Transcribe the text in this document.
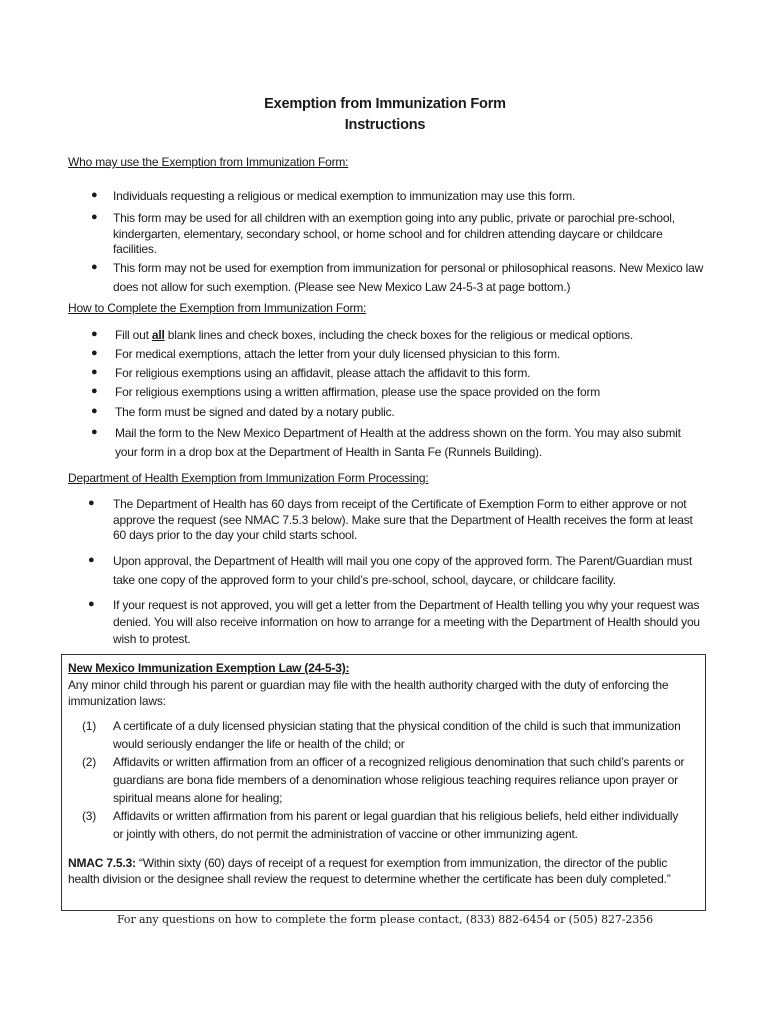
Exemption from Immunization Form
Instructions
Who may use the Exemption from Immunization Form:
● Individuals requesting a religious or medical exemption to immunization may use this form.
● This form may be used for all children with an exemption going into any public, private or parochial pre-school, kindergarten, elementary, secondary school, or home school and for children attending daycare or childcare facilities.
● This form may not be used for exemption from immunization for personal or philosophical reasons. New Mexico law does not allow for such exemption. (Please see New Mexico Law 24-5-3 at page bottom.)
How to Complete the Exemption from Immunization Form:
● Fill out all blank lines and check boxes, including the check boxes for the religious or medical options.
● For medical exemptions, attach the letter from your duly licensed physician to this form.
● For religious exemptions using an affidavit, please attach the affidavit to this form.
● For religious exemptions using a written affirmation, please use the space provided on the form
● The form must be signed and dated by a notary public.
● Mail the form to the New Mexico Department of Health at the address shown on the form. You may also submit your form in a drop box at the Department of Health in Santa Fe (Runnels Building).
Department of Health Exemption from Immunization Form Processing:
● The Department of Health has 60 days from receipt of the Certificate of Exemption Form to either approve or not approve the request (see NMAC 7.5.3 below). Make sure that the Department of Health receives the form at least 60 days prior to the day your child starts school.
● Upon approval, the Department of Health will mail you one copy of the approved form. The Parent/Guardian must take one copy of the approved form to your child’s pre-school, school, daycare, or childcare facility.
● If your request is not approved, you will get a letter from the Department of Health telling you why your request was denied. You will also receive information on how to arrange for a meeting with the Department of Health should you wish to protest.
New Mexico Immunization Exemption Law (24-5-3):
Any minor child through his parent or guardian may file with the health authority charged with the duty of enforcing the immunization laws:
(1) A certificate of a duly licensed physician stating that the physical condition of the child is such that immunization would seriously endanger the life or health of the child; or
(2) Affidavits or written affirmation from an officer of a recognized religious denomination that such child’s parents or guardians are bona fide members of a denomination whose religious teaching requires reliance upon prayer or spiritual means alone for healing;
(3) Affidavits or written affirmation from his parent or legal guardian that his religious beliefs, held either individually or jointly with others, do not permit the administration of vaccine or other immunizing agent.
NMAC 7.5.3: “Within sixty (60) days of receipt of a request for exemption from immunization, the director of the public health division or the designee shall review the request to determine whether the certificate has been duly completed.”
For any questions on how to complete the form please contact, (833) 882-6454 or (505) 827-2356
